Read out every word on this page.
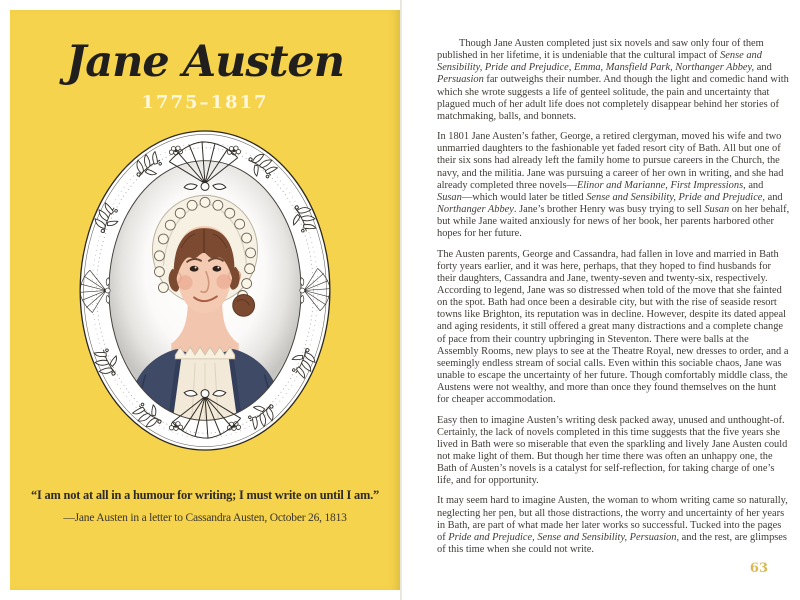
Jane Austen
1775–1817
“I am not at all in a humour for writing; I must write on until I am.”
—Jane Austen in a letter to Cassandra Austen, October 26, 1813

Though Jane Austen completed just six novels and saw only four of them published in her lifetime, it is undeniable that the cultural impact of Sense and Sensibility, Pride and Prejudice, Emma, Mansfield Park, Northanger Abbey, and Persuasion far outweighs their number. And though the light and comedic hand with which she wrote suggests a life of genteel solitude, the pain and uncertainty that plagued much of her adult life does not completely disappear behind her stories of matchmaking, balls, and bonnets.

In 1801 Jane Austen’s father, George, a retired clergyman, moved his wife and two unmarried daughters to the fashionable yet faded resort city of Bath. All but one of their six sons had already left the family home to pursue careers in the Church, the navy, and the militia. Jane was pursuing a career of her own in writing, and she had already completed three novels—Elinor and Marianne, First Impressions, and Susan—which would later be titled Sense and Sensibility, Pride and Prejudice, and Northanger Abbey. Jane’s brother Henry was busy trying to sell Susan on her behalf, but while Jane waited anxiously for news of her book, her parents harbored other hopes for her future.

The Austen parents, George and Cassandra, had fallen in love and married in Bath forty years earlier, and it was here, perhaps, that they hoped to find husbands for their daughters, Cassandra and Jane, twenty-seven and twenty-six, respectively. According to legend, Jane was so distressed when told of the move that she fainted on the spot. Bath had once been a desirable city, but with the rise of seaside resort towns like Brighton, its reputation was in decline. However, despite its dated appeal and aging residents, it still offered a great many distractions and a complete change of pace from their country upbringing in Steventon. There were balls at the Assembly Rooms, new plays to see at the Theatre Royal, new dresses to order, and a seemingly endless stream of social calls. Even within this sociable chaos, Jane was unable to escape the uncertainty of her future. Though comfortably middle class, the Austens were not wealthy, and more than once they found themselves on the hunt for cheaper accommodation.

Easy then to imagine Austen’s writing desk packed away, unused and unthought-of. Certainly, the lack of novels completed in this time suggests that the five years she lived in Bath were so miserable that even the sparkling and lively Jane Austen could not make light of them. But though her time there was often an unhappy one, the Bath of Austen’s novels is a catalyst for self-reflection, for taking charge of one’s life, and for opportunity.

It may seem hard to imagine Austen, the woman to whom writing came so naturally, neglecting her pen, but all those distractions, the worry and uncertainty of her years in Bath, are part of what made her later works so successful. Tucked into the pages of Pride and Prejudice, Sense and Sensibility, Persuasion, and the rest, are glimpses of this time when she could not write.

63
